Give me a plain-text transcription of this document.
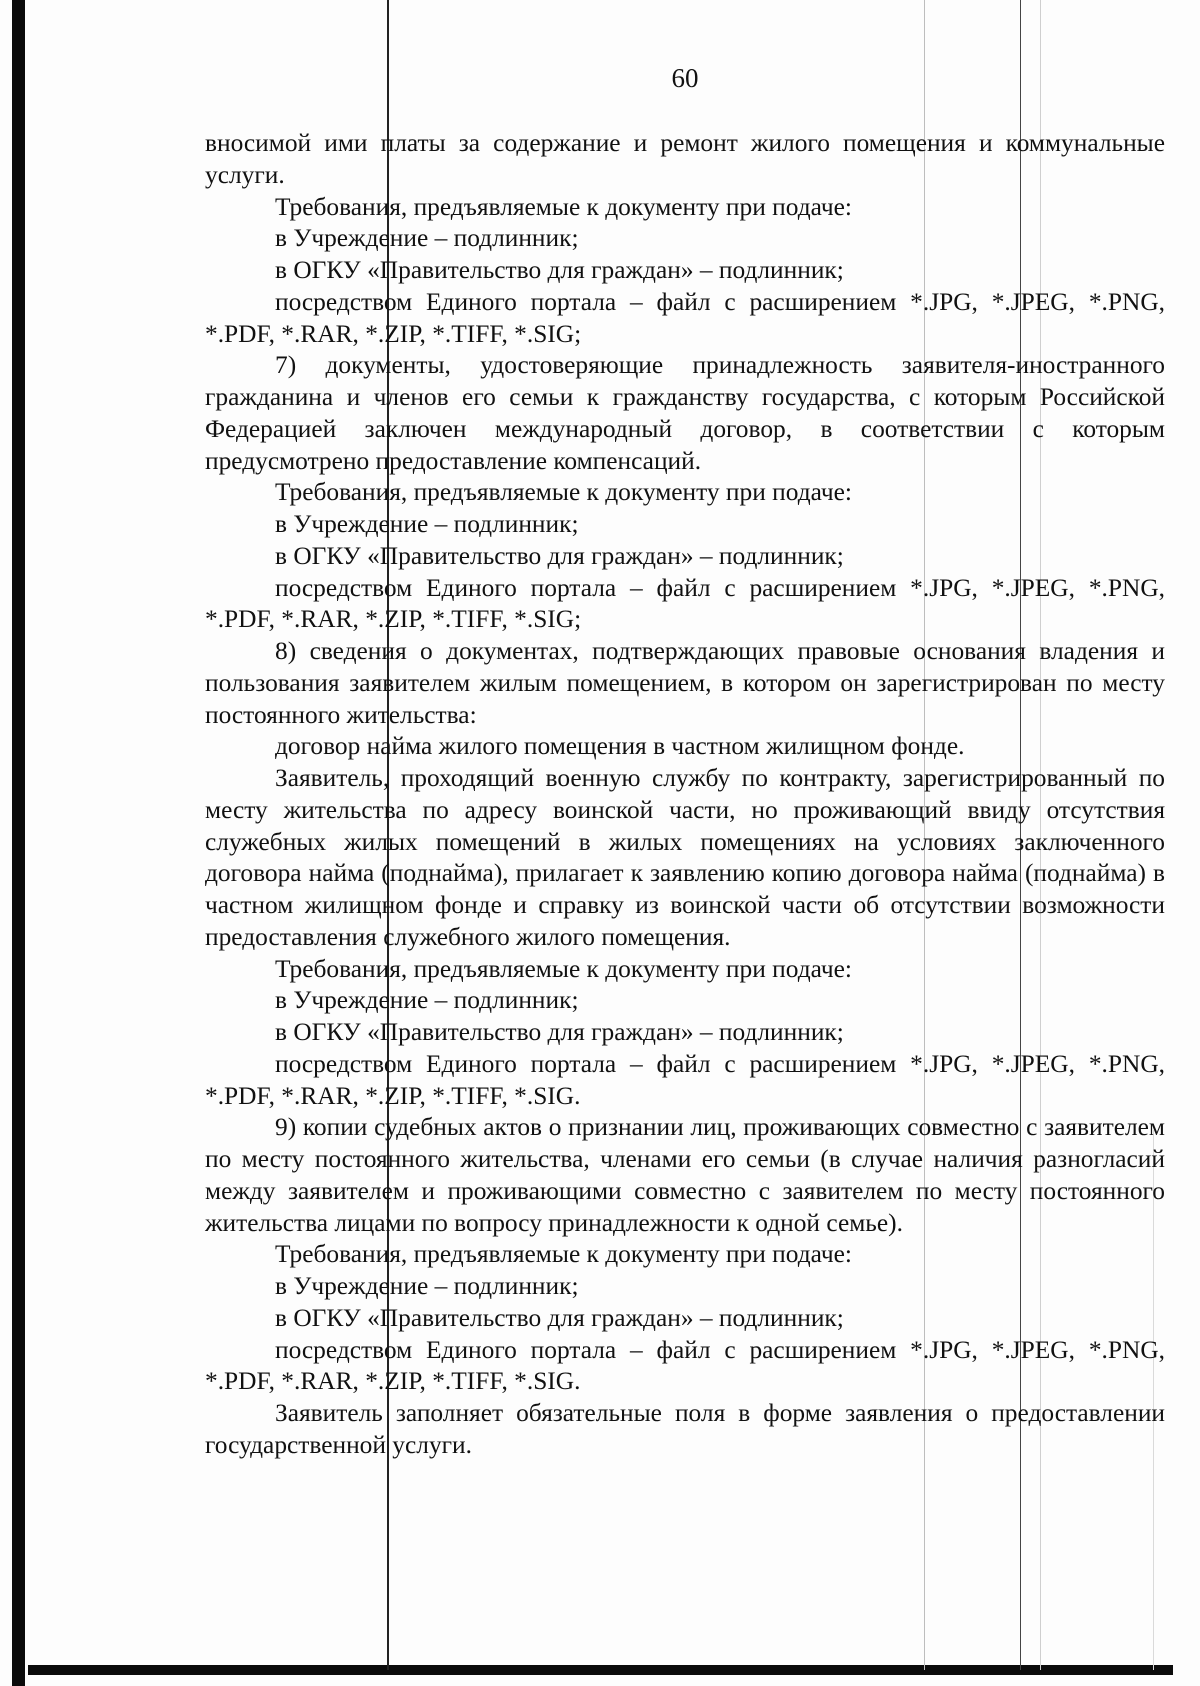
60

вносимой ими платы за содержание и ремонт жилого помещения и коммунальные услуги.

Требования, предъявляемые к документу при подаче:

в Учреждение – подлинник;

в ОГКУ «Правительство для граждан» – подлинник;

посредством Единого портала – файл с расширением *.JPG, *.JPEG, *.PNG, *.PDF, *.RAR, *.ZIP, *.TIFF, *.SIG;

7) документы, удостоверяющие принадлежность заявителя-иностранного гражданина и членов его семьи к гражданству государства, с которым Российской Федерацией заключен международный договор, в соответствии с которым предусмотрено предоставление компенсаций.

Требования, предъявляемые к документу при подаче:

в Учреждение – подлинник;

в ОГКУ «Правительство для граждан» – подлинник;

посредством Единого портала – файл с расширением *.JPG, *.JPEG, *.PNG, *.PDF, *.RAR, *.ZIP, *.TIFF, *.SIG;

8) сведения о документах, подтверждающих правовые основания владения и пользования заявителем жилым помещением, в котором он зарегистрирован по месту постоянного жительства:

договор найма жилого помещения в частном жилищном фонде.

Заявитель, проходящий военную службу по контракту, зарегистрированный по месту жительства по адресу воинской части, но проживающий ввиду отсутствия служебных жилых помещений в жилых помещениях на условиях заключенного договора найма (поднайма), прилагает к заявлению копию договора найма (поднайма) в частном жилищном фонде и справку из воинской части об отсутствии возможности предоставления служебного жилого помещения.

Требования, предъявляемые к документу при подаче:

в Учреждение – подлинник;

в ОГКУ «Правительство для граждан» – подлинник;

посредством Единого портала – файл с расширением *.JPG, *.JPEG, *.PNG, *.PDF, *.RAR, *.ZIP, *.TIFF, *.SIG.

9) копии судебных актов о признании лиц, проживающих совместно с заявителем по месту постоянного жительства, членами его семьи (в случае наличия разногласий между заявителем и проживающими совместно с заявителем по месту постоянного жительства лицами по вопросу принадлежности к одной семье).

Требования, предъявляемые к документу при подаче:

в Учреждение – подлинник;

в ОГКУ «Правительство для граждан» – подлинник;

посредством Единого портала – файл с расширением *.JPG, *.JPEG, *.PNG, *.PDF, *.RAR, *.ZIP, *.TIFF, *.SIG.

Заявитель заполняет обязательные поля в форме заявления о предоставлении государственной услуги.
